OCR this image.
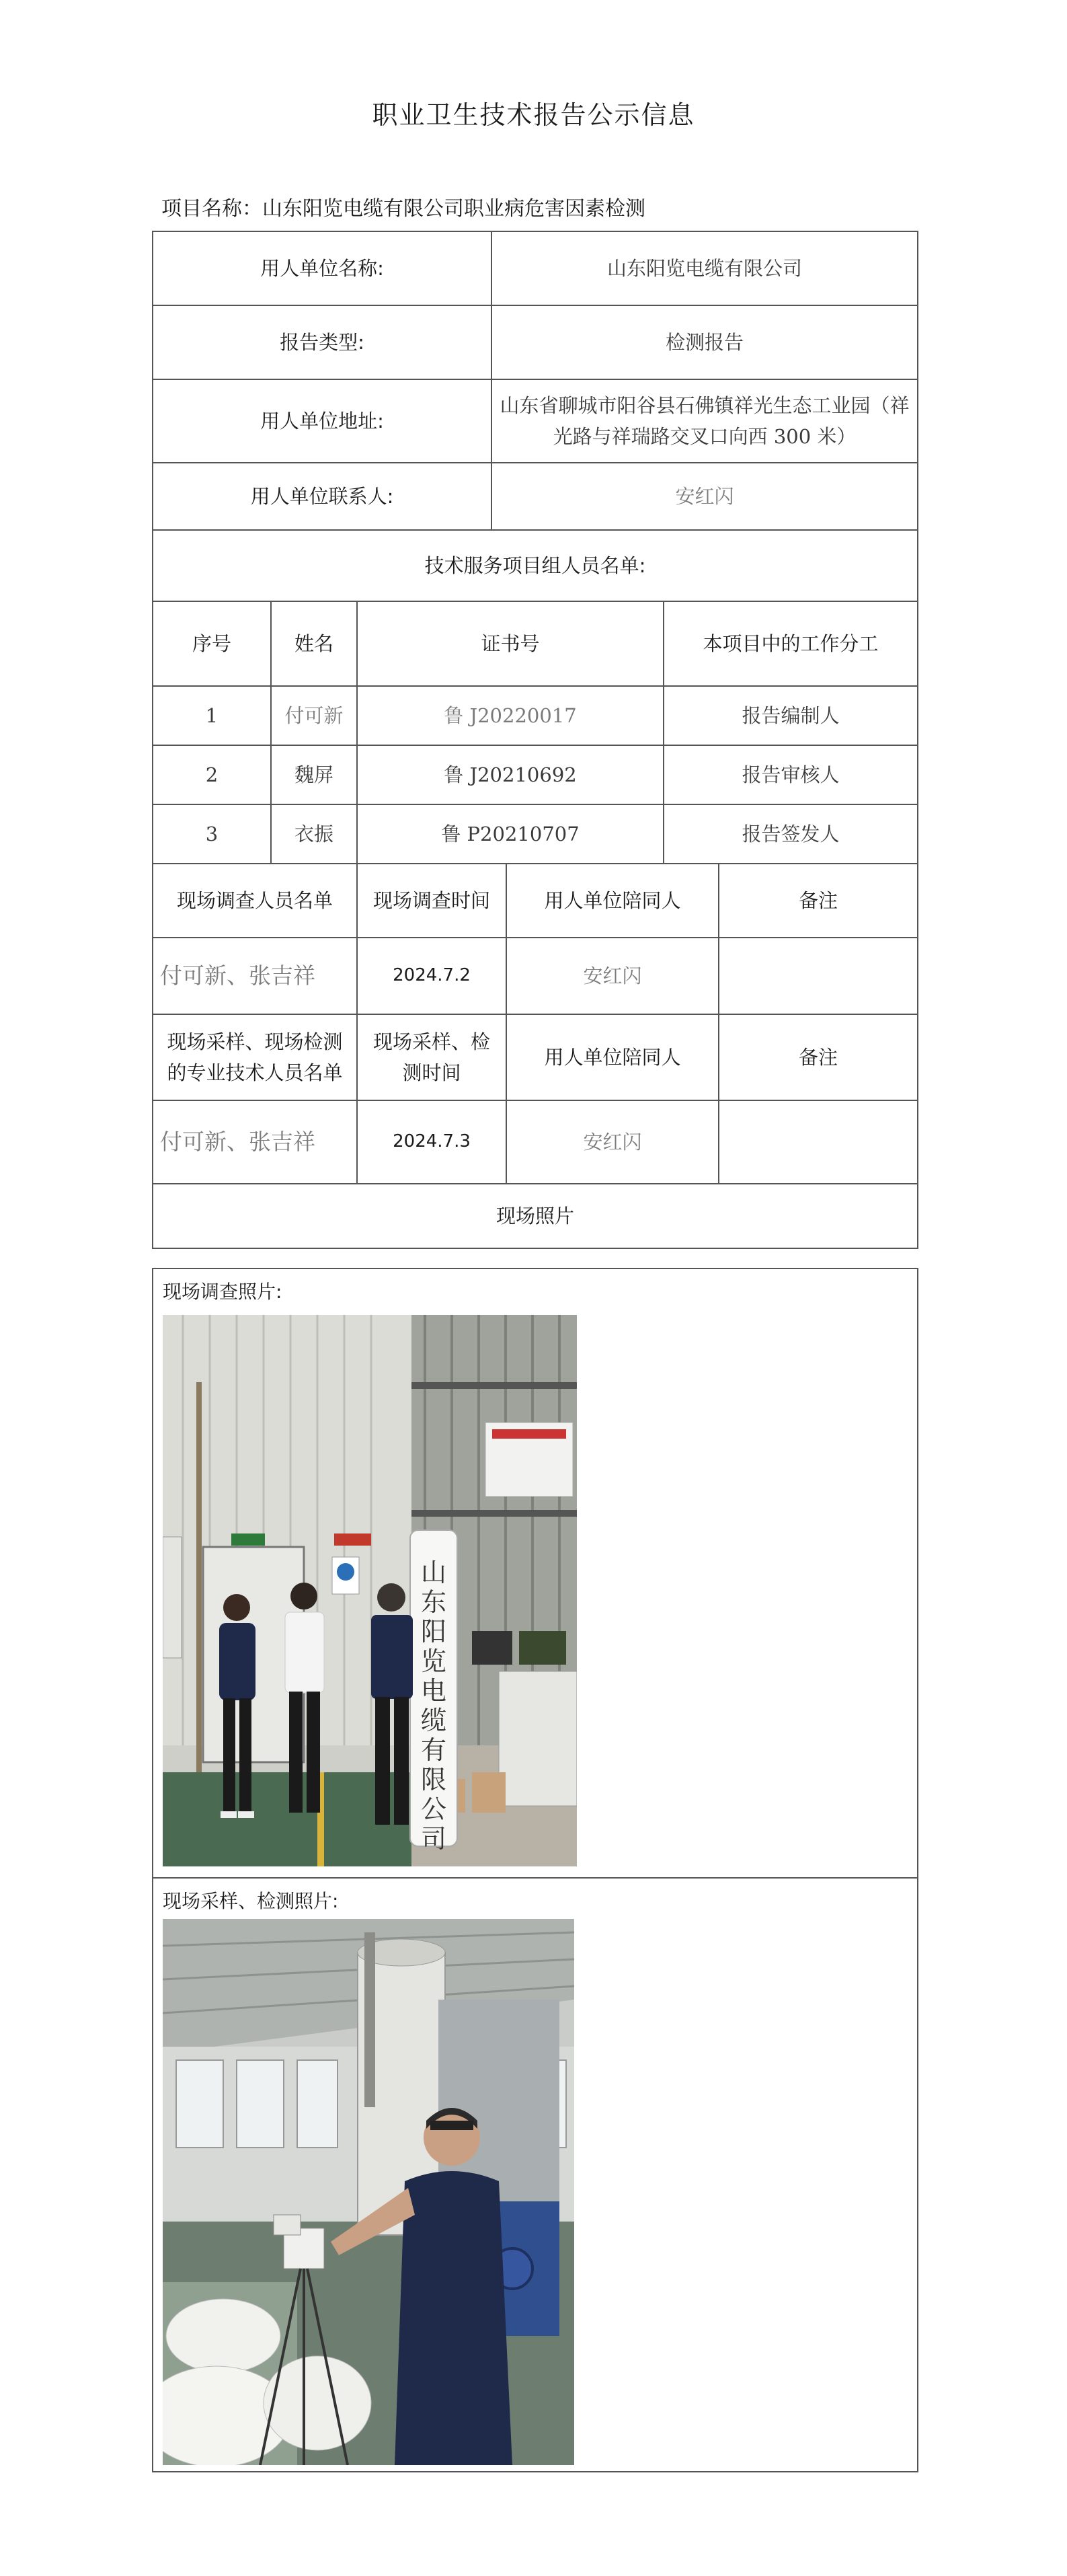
职业卫生技术报告公示信息
项目名称：山东阳览电缆有限公司职业病危害因素检测
用人单位名称:			山东阳览电缆有限公司			
报告类型:			检测报告			
用人单位地址:			山东省聊城市阳谷县石佛镇祥光生态工业园（祥光路与祥瑞路交叉口向西 300 米）			
用人单位联系人:			安红闪			
技术服务项目组人员名单:						
序号	姓名	证书号			本项目中的工作分工	
1	付可新	鲁 J20220017			报告编制人	
2	魏屏	鲁 J20210692			报告审核人	
3	衣振	鲁 P20210707			报告签发人	
现场调查人员名单		现场调查时间		用人单位陪同人		备注
付可新、张吉祥		2024.7.2		安红闪		
现场采样、现场检测的专业技术人员名单		现场采样、检测时间		用人单位陪同人		备注
付可新、张吉祥		2024.7.3		安红闪		
现场照片						
现场调查照片:
山
东
阳
览
电
缆
有
限
公
司
现场采样、检测照片:
